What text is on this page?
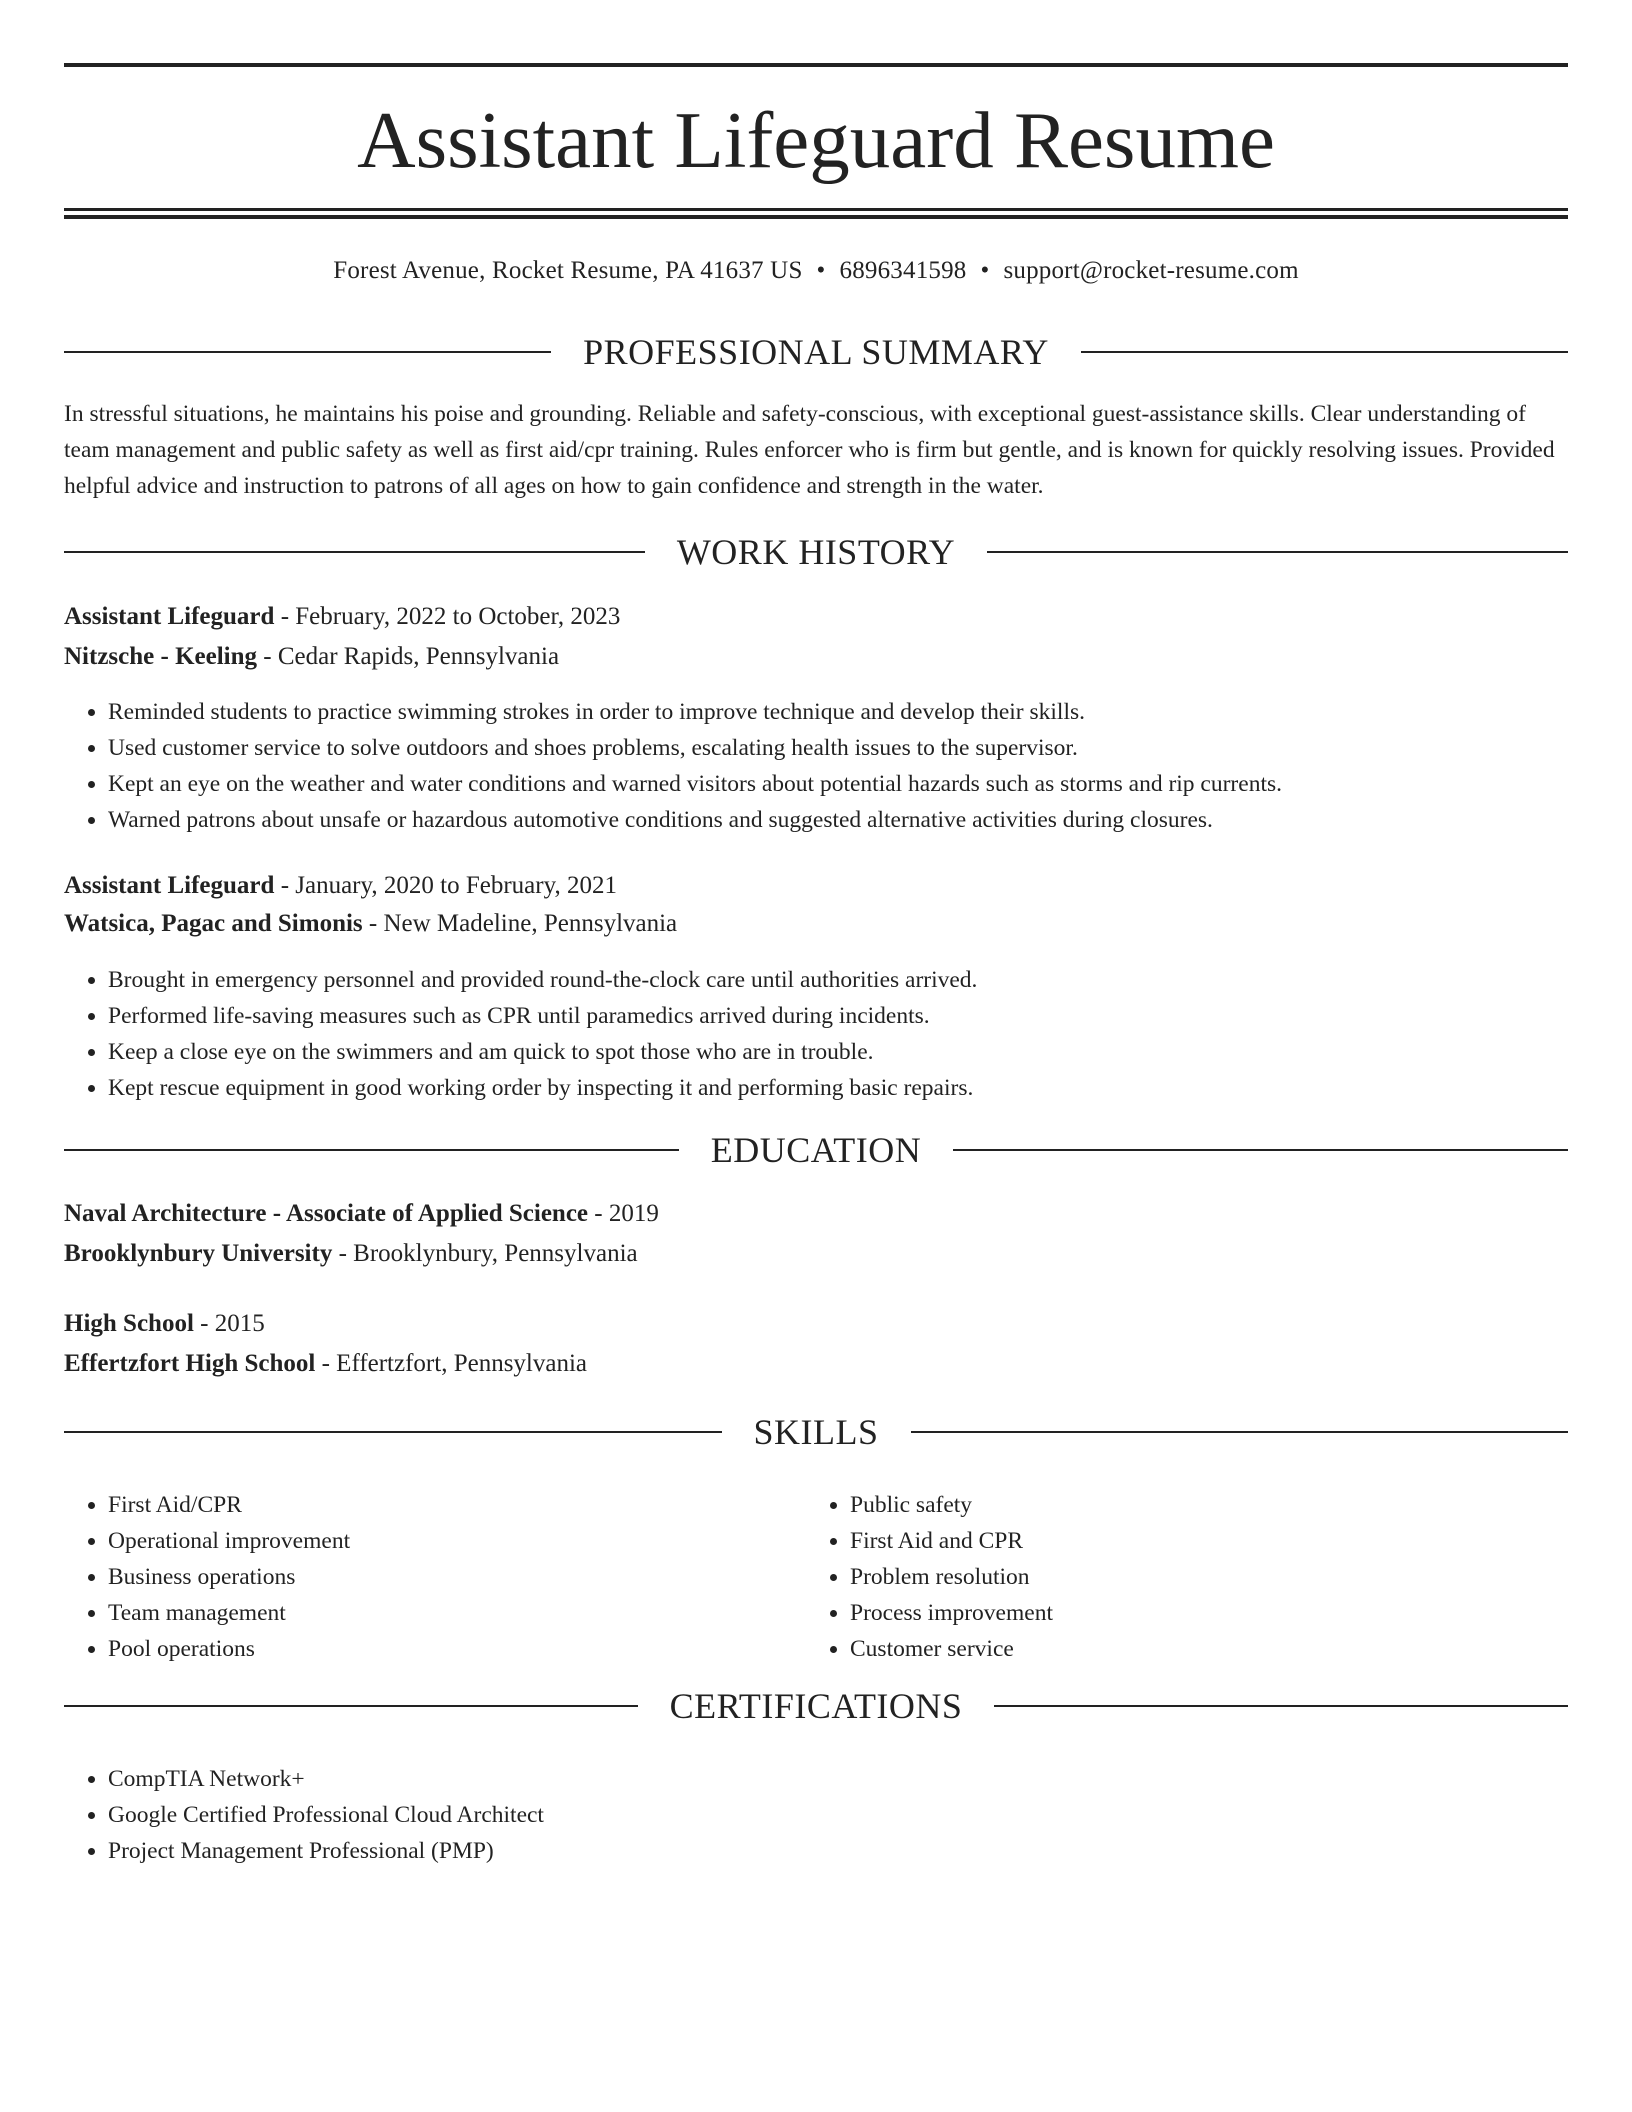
Assistant Lifeguard Resume
Forest Avenue, Rocket Resume, PA 41637 US • 6896341598 • support@rocket-resume.com
PROFESSIONAL SUMMARY

In stressful situations, he maintains his poise and grounding. Reliable and safety-conscious, with exceptional guest-assistance skills. Clear understanding of team management and public safety as well as first aid/cpr training. Rules enforcer who is firm but gentle, and is known for quickly resolving issues. Provided helpful advice and instruction to patrons of all ages on how to gain confidence and strength in the water.

WORK HISTORY
Assistant Lifeguard - February, 2022 to October, 2023
Nitzsche - Keeling - Cedar Rapids, Pennsylvania
• Reminded students to practice swimming strokes in order to improve technique and develop their skills.
• Used customer service to solve outdoors and shoes problems, escalating health issues to the supervisor.
• Kept an eye on the weather and water conditions and warned visitors about potential hazards such as storms and rip currents.
• Warned patrons about unsafe or hazardous automotive conditions and suggested alternative activities during closures.
Assistant Lifeguard - January, 2020 to February, 2021
Watsica, Pagac and Simonis - New Madeline, Pennsylvania
• Brought in emergency personnel and provided round-the-clock care until authorities arrived.
• Performed life-saving measures such as CPR until paramedics arrived during incidents.
• Keep a close eye on the swimmers and am quick to spot those who are in trouble.
• Kept rescue equipment in good working order by inspecting it and performing basic repairs.
EDUCATION
Naval Architecture - Associate of Applied Science - 2019
Brooklynbury University - Brooklynbury, Pennsylvania
High School - 2015
Effertzfort High School - Effertzfort, Pennsylvania
SKILLS
• First Aid/CPR
• Operational improvement
• Business operations
• Team management
• Pool operations
• Public safety
• First Aid and CPR
• Problem resolution
• Process improvement
• Customer service
CERTIFICATIONS
• CompTIA Network+
• Google Certified Professional Cloud Architect
• Project Management Professional (PMP)
